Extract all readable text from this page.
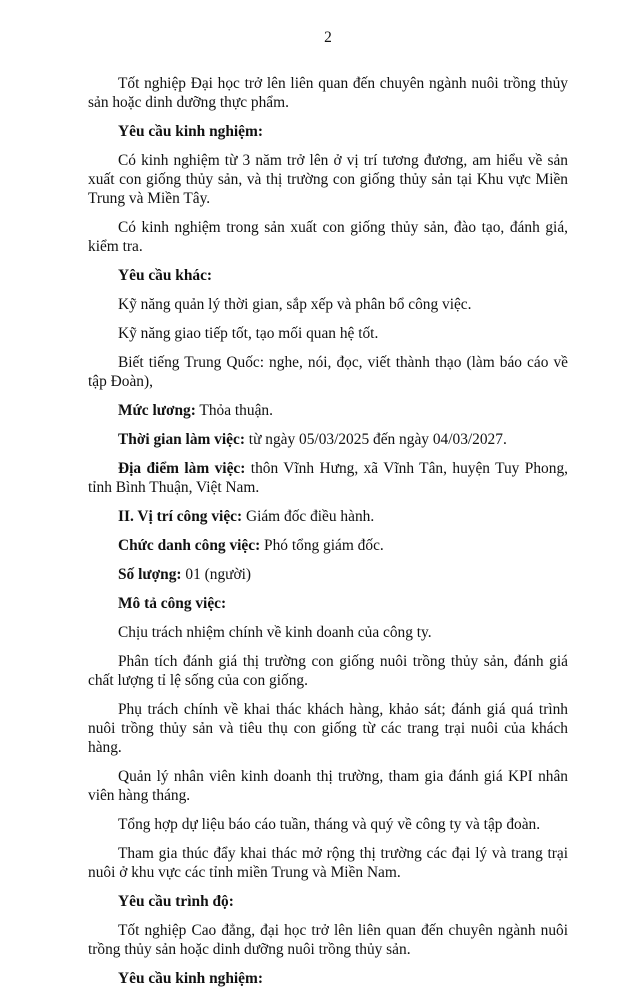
2

Tốt nghiệp Đại học trở lên liên quan đến chuyên ngành nuôi trồng thủy sản hoặc dinh dưỡng thực phẩm.

Yêu cầu kinh nghiệm:

Có kinh nghiệm từ 3 năm trở lên ở vị trí tương đương, am hiểu về sản xuất con giống thủy sản, và thị trường con giống thủy sản tại Khu vực Miền Trung và Miền Tây.

Có kinh nghiệm trong sản xuất con giống thủy sản, đào tạo, đánh giá, kiểm tra.

Yêu cầu khác:

Kỹ năng quản lý thời gian, sắp xếp và phân bổ công việc.

Kỹ năng giao tiếp tốt, tạo mối quan hệ tốt.

Biết tiếng Trung Quốc: nghe, nói, đọc, viết thành thạo (làm báo cáo về tập Đoàn),

Mức lương: Thỏa thuận.

Thời gian làm việc: từ ngày 05/03/2025 đến ngày 04/03/2027.

Địa điểm làm việc: thôn Vĩnh Hưng, xã Vĩnh Tân, huyện Tuy Phong, tỉnh Bình Thuận, Việt Nam.

II. Vị trí công việc: Giám đốc điều hành.

Chức danh công việc: Phó tổng giám đốc.

Số lượng: 01 (người)

Mô tả công việc:

Chịu trách nhiệm chính về kinh doanh của công ty.

Phân tích đánh giá thị trường con giống nuôi trồng thủy sản, đánh giá chất lượng tỉ lệ sống của con giống.

Phụ trách chính về khai thác khách hàng, khảo sát; đánh giá quá trình nuôi trồng thủy sản và tiêu thụ con giống từ các trang trại nuôi của khách hàng.

Quản lý nhân viên kinh doanh thị trường, tham gia đánh giá KPI nhân viên hàng tháng.

Tổng hợp dự liệu báo cáo tuần, tháng và quý về công ty và tập đoàn.

Tham gia thúc đẩy khai thác mở rộng thị trường các đại lý và trang trại nuôi ở khu vực các tỉnh miền Trung và Miền Nam.

Yêu cầu trình độ:

Tốt nghiệp Cao đẳng, đại học trở lên liên quan đến chuyên ngành nuôi trồng thủy sản hoặc dinh dưỡng nuôi trồng thủy sản.

Yêu cầu kinh nghiệm:
